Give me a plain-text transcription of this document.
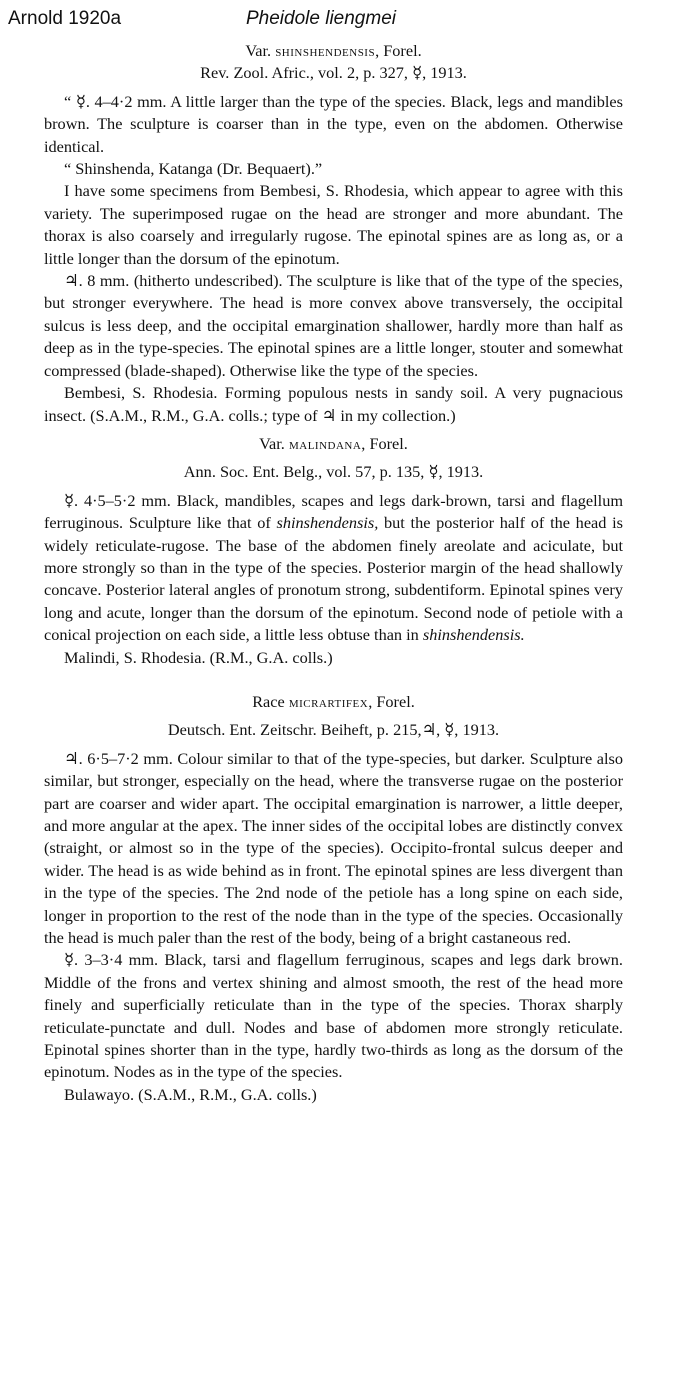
Arnold 1920a	Pheidole liengmei

Var. shinshendensis, Forel.

Rev. Zool. Afric., vol. 2, p. 327, ☿, 1913.

“ ☿. 4–4·2 mm. A little larger than the type of the species. Black, legs and mandibles brown. The sculpture is coarser than in the type, even on the abdomen. Otherwise identical.

“ Shinshenda, Katanga (Dr. Bequaert).”

I have some specimens from Bembesi, S. Rhodesia, which appear to agree with this variety. The superimposed rugae on the head are stronger and more abundant. The thorax is also coarsely and irregularly rugose. The epinotal spines are as long as, or a little longer than the dorsum of the epinotum.

♃. 8 mm. (hitherto undescribed). The sculpture is like that of the type of the species, but stronger everywhere. The head is more convex above transversely, the occipital sulcus is less deep, and the occipital emargination shallower, hardly more than half as deep as in the type-species. The epinotal spines are a little longer, stouter and somewhat compressed (blade-shaped). Otherwise like the type of the species.

Bembesi, S. Rhodesia. Forming populous nests in sandy soil. A very pugnacious insect. (S.A.M., R.M., G.A. colls.; type of ♃ in my collection.)

Var. malindana, Forel.

Ann. Soc. Ent. Belg., vol. 57, p. 135, ☿, 1913.

☿. 4·5–5·2 mm. Black, mandibles, scapes and legs dark-brown, tarsi and flagellum ferruginous. Sculpture like that of shinshendensis, but the posterior half of the head is widely reticulate-rugose. The base of the abdomen finely areolate and aciculate, but more strongly so than in the type of the species. Posterior margin of the head shallowly concave. Posterior lateral angles of pronotum strong, subdentiform. Epinotal spines very long and acute, longer than the dorsum of the epinotum. Second node of petiole with a conical projection on each side, a little less obtuse than in shinshendensis.

Malindi, S. Rhodesia. (R.M., G.A. colls.)

Race micrartifex, Forel.

Deutsch. Ent. Zeitschr. Beiheft, p. 215,♃, ☿, 1913.

♃. 6·5–7·2 mm. Colour similar to that of the type-species, but darker. Sculpture also similar, but stronger, especially on the head, where the transverse rugae on the posterior part are coarser and wider apart. The occipital emargination is narrower, a little deeper, and more angular at the apex. The inner sides of the occipital lobes are distinctly convex (straight, or almost so in the type of the species). Occipito-frontal sulcus deeper and wider. The head is as wide behind as in front. The epinotal spines are less divergent than in the type of the species. The 2nd node of the petiole has a long spine on each side, longer in proportion to the rest of the node than in the type of the species. Occasionally the head is much paler than the rest of the body, being of a bright castaneous red.

☿. 3–3·4 mm. Black, tarsi and flagellum ferruginous, scapes and legs dark brown. Middle of the frons and vertex shining and almost smooth, the rest of the head more finely and superficially reticulate than in the type of the species. Thorax sharply reticulate-punctate and dull. Nodes and base of abdomen more strongly reticulate. Epinotal spines shorter than in the type, hardly two-thirds as long as the dorsum of the epinotum. Nodes as in the type of the species.

Bulawayo. (S.A.M., R.M., G.A. colls.)
